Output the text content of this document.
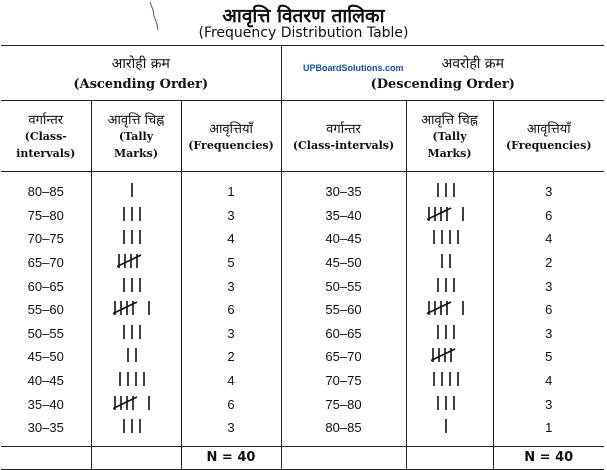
आवृत्ति वितरण तालिका
(Frequency Distribution Table)
UPBoardSolutions.com
आरोही क्रम
(Ascending Order)			अवरोही क्रम
(Descending Order)		

वर्गान्तर
(Class-
intervals)	आवृत्ति चिह्न
(Tally
Marks)	आवृत्तियाँ
(Frequencies)	वर्गान्तर
(Class-intervals)	आवृत्ति चिह्न
(Tally
Marks)	आवृत्तियाँ
(Frequencies)

80–85		1	30–35		3
75–80		3	35–40		6
70–75		4	40–45		4
65–70		5	45–50		2
60–65		3	50–55		3
55–60		6	55–60		6
50–55		3	60–65		3
45–50		2	65–70		5
40–45		4	70–75		4
35–40		6	75–80		3
30–35		3	80–85		1
		N = 40			N = 40
